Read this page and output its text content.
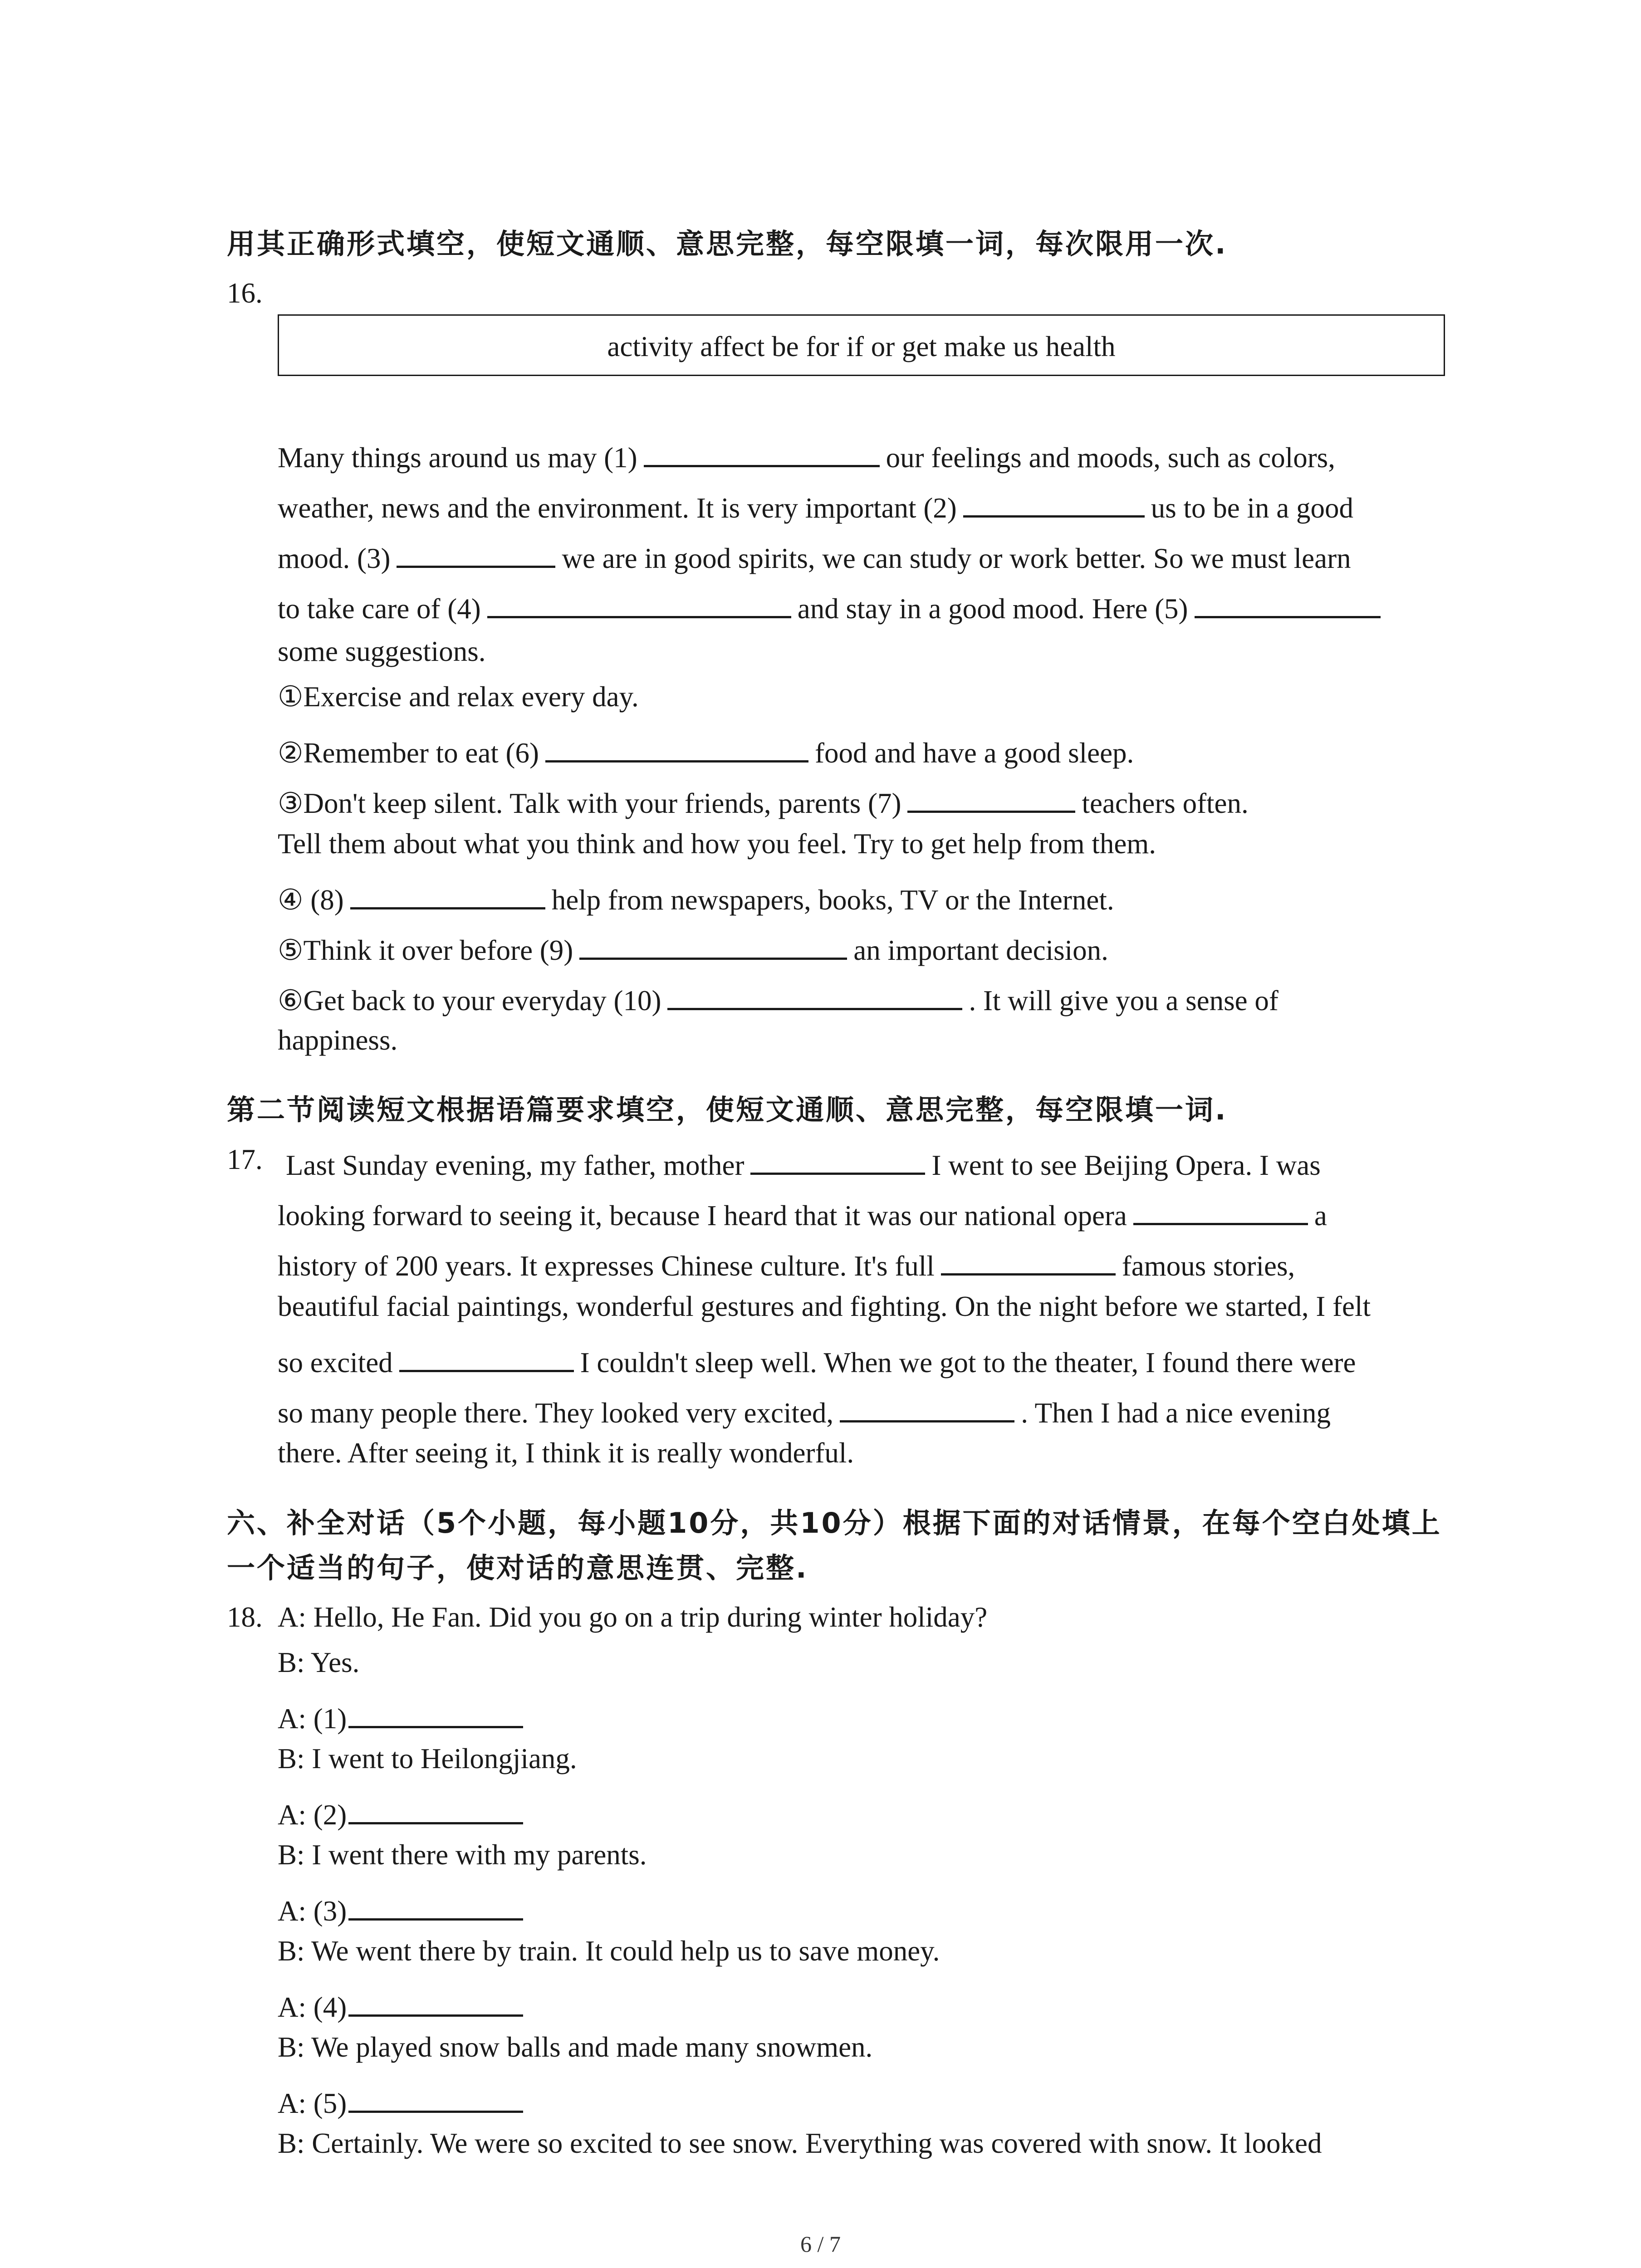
用其正确形式填空，使短文通顺、意思完整，每空限填一词，每次限用一次.
16.
activity affect be for if or get make us health
Many things around us may (1)	our feelings and moods, such as colors,
weather, news and the environment. It is very important (2)	us to be in a good
mood. (3)	we are in good spirits, we can study or work better. So we must learn
to take care of (4)	and stay in a good mood. Here (5)
some suggestions.
①Exercise and relax every day.
②Remember to eat (6)	food and have a good sleep.
③Don't keep silent. Talk with your friends, parents (7)	teachers often.
Tell them about what you think and how you feel. Try to get help from them.
④ (8)	help from newspapers, books, TV or the Internet.
⑤Think it over before (9)	an important decision.
⑥Get back to your everyday (10)	. It will give you a sense of
happiness.
第二节阅读短文根据语篇要求填空，使短文通顺、意思完整，每空限填一词.
17. Last Sunday evening, my father, mother	I went to see Beijing Opera. I was
looking forward to seeing it, because I heard that it was our national opera	a
history of 200 years. It expresses Chinese culture. It's full	famous stories,
beautiful facial paintings, wonderful gestures and fighting. On the night before we started, I felt
so excited	I couldn't sleep well. When we got to the theater, I found there were
so many people there. They looked very excited,	. Then I had a nice evening
there. After seeing it, I think it is really wonderful.
六、补全对话（5个小题，每小题10分，共10分）根据下面的对话情景，在每个空白处填上
一个适当的句子，使对话的意思连贯、完整.
18. A: Hello, He Fan. Did you go on a trip during winter holiday?
B: Yes.
A: (1)
B: I went to Heilongjiang.
A: (2)
B: I went there with my parents.
A: (3)
B: We went there by train. It could help us to save money.
A: (4)
B: We played snow balls and made many snowmen.
A: (5)
B: Certainly. We were so excited to see snow. Everything was covered with snow. It looked
6 / 7
